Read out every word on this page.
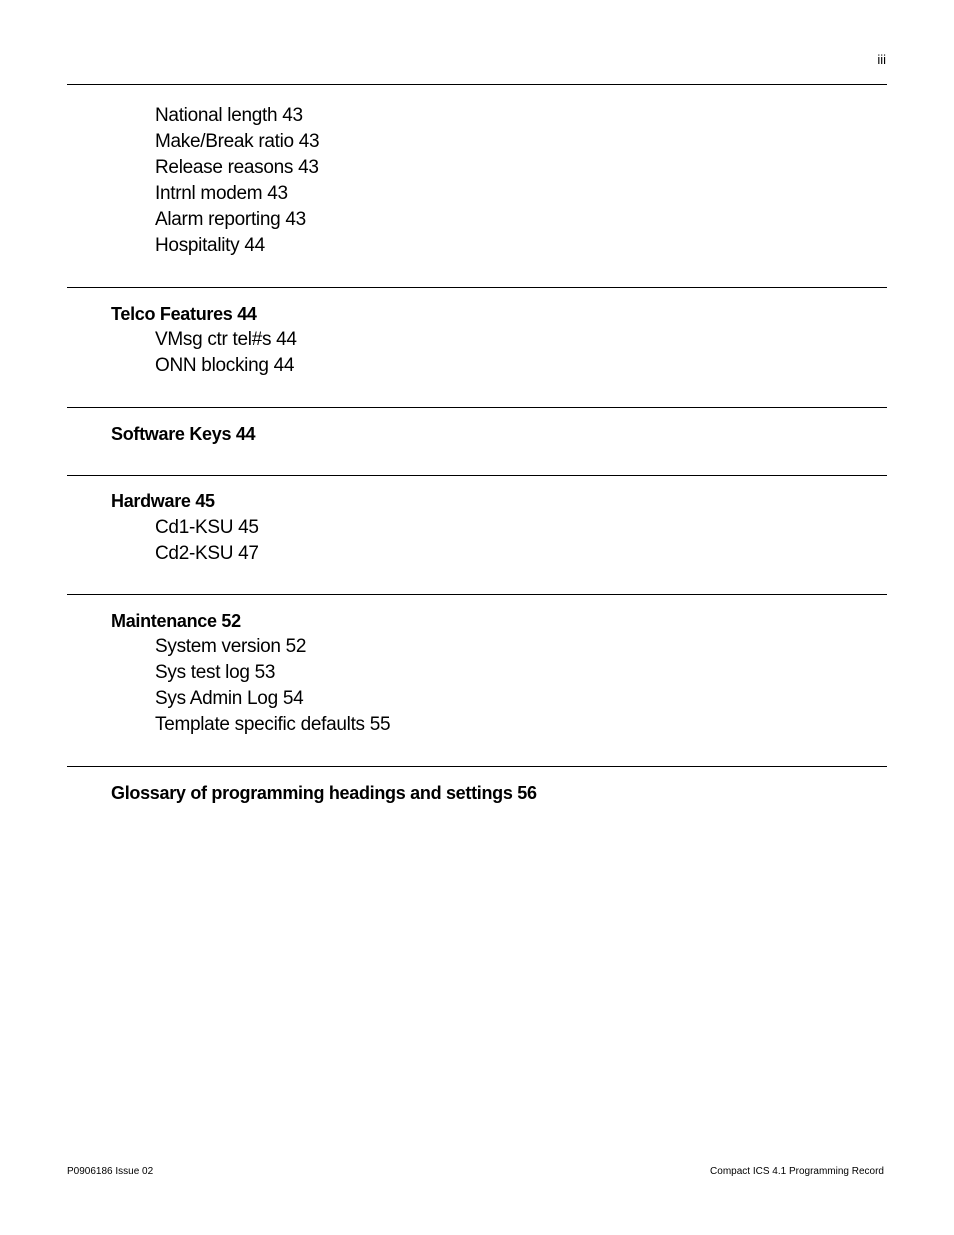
iii
National length 43
Make/Break ratio 43
Release reasons 43
Intrnl modem 43
Alarm reporting 43
Hospitality 44
Telco Features 44
VMsg ctr tel#s 44
ONN blocking 44
Software Keys 44
Hardware 45
Cd1-KSU 45
Cd2-KSU 47
Maintenance 52
System version 52
Sys test log 53
Sys Admin Log 54
Template specific defaults 55
Glossary of programming headings and settings 56
P0906186 Issue 02	Compact ICS 4.1 Programming Record
